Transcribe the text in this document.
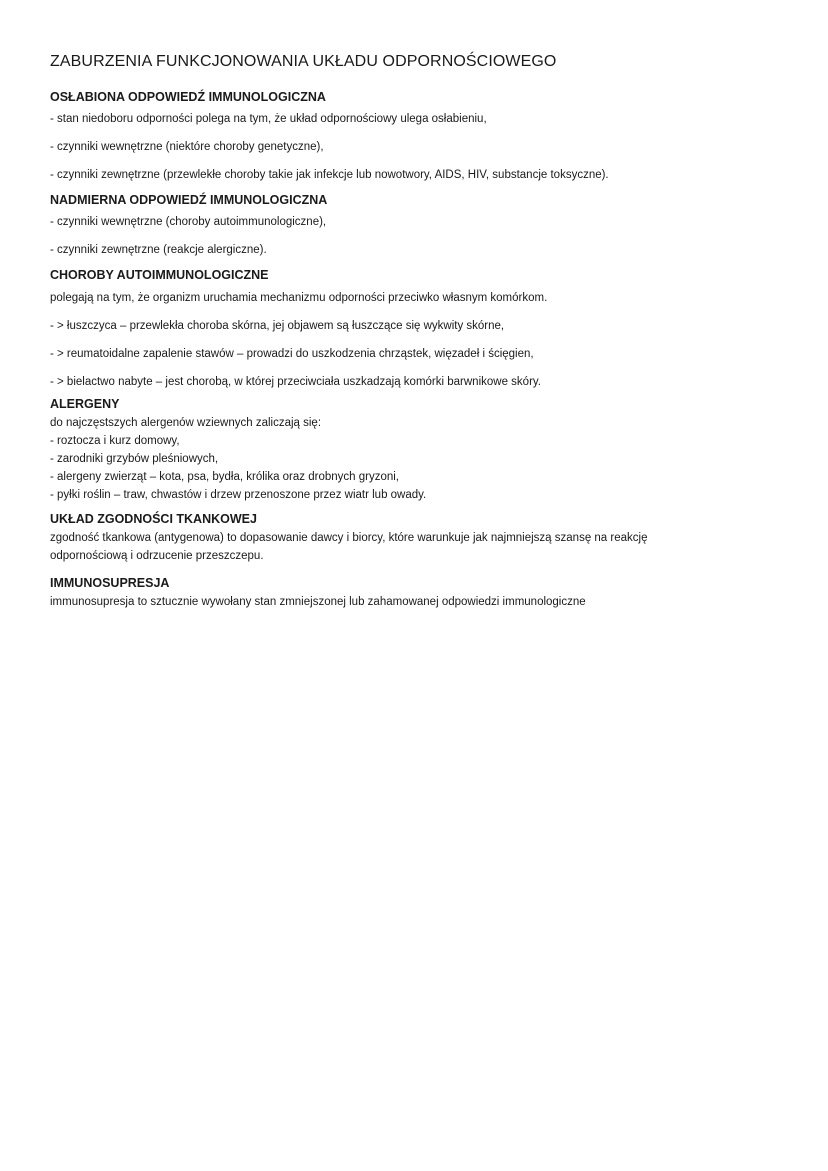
ZABURZENIA FUNKCJONOWANIA UKŁADU ODPORNOŚCIOWEGO
OSŁABIONA ODPOWIEDŹ IMMUNOLOGICZNA

- stan niedoboru odporności polega na tym, że układ odpornościowy ulega osłabieniu,

- czynniki wewnętrzne (niektóre choroby genetyczne),

- czynniki zewnętrzne (przewlekłe choroby takie jak infekcje lub nowotwory, AIDS, HIV, substancje toksyczne).

NADMIERNA ODPOWIEDŹ IMMUNOLOGICZNA

- czynniki wewnętrzne (choroby autoimmunologiczne),

- czynniki zewnętrzne (reakcje alergiczne).

CHOROBY AUTOIMMUNOLOGICZNE

polegają na tym, że organizm uruchamia mechanizmu odporności przeciwko własnym komórkom.

- > łuszczyca – przewlekła choroba skórna, jej objawem są łuszczące się wykwity skórne,

- > reumatoidalne zapalenie stawów – prowadzi do uszkodzenia chrząstek, więzadeł i ścięgien,

- > bielactwo nabyte – jest chorobą, w której przeciwciała uszkadzają komórki barwnikowe skóry.

ALERGENY

do najczęstszych alergenów wziewnych zaliczają się:

- roztocza i kurz domowy,

- zarodniki grzybów pleśniowych,

- alergeny zwierząt – kota, psa, bydła, królika oraz drobnych gryzoni,

- pyłki roślin – traw, chwastów i drzew przenoszone przez wiatr lub owady.

UKŁAD ZGODNOŚCI TKANKOWEJ

zgodność tkankowa (antygenowa) to dopasowanie dawcy i biorcy, które warunkuje jak najmniejszą szansę na reakcję

odpornościową i odrzucenie przeszczepu.

IMMUNOSUPRESJA

immunosupresja to sztucznie wywołany stan zmniejszonej lub zahamowanej odpowiedzi immunologiczne
